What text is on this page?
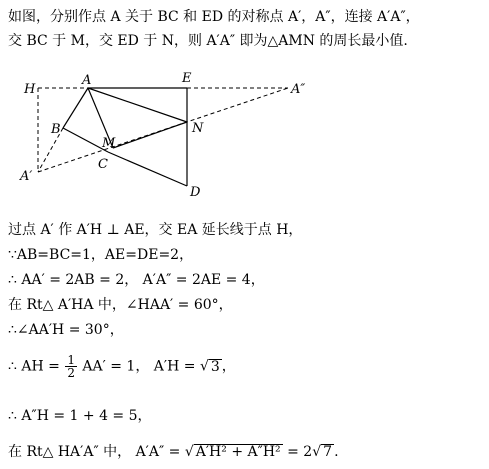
如图，分别作点 A 关于 BC 和 ED 的对称点 A′，A″，连接 A′A″，
交 BC 于 M，交 ED 于 N，则 A′A″ 即为△AMN 的周长最小值.
H
A	E
A″
B	N
M
C
A′
D
过点 A′ 作 A′H ⊥ AE，交 EA 延长线于点 H，
∵AB=BC=1，AE=DE=2，
∴ AA′ = 2AB = 2， A′A″ = 2AE = 4，
在 Rt△ A′HA 中，∠HAA′ = 60°，
∴∠AA′H = 30°，
∴ AH = $\frac{1}{2} AA' = 1$， A′H = √ 3 ，
∴ A″H = 1 + 4 = 5，
在 Rt△ HA′A″ 中， A′A″ = √ A′H² + A″H² = 2√ 7 .
